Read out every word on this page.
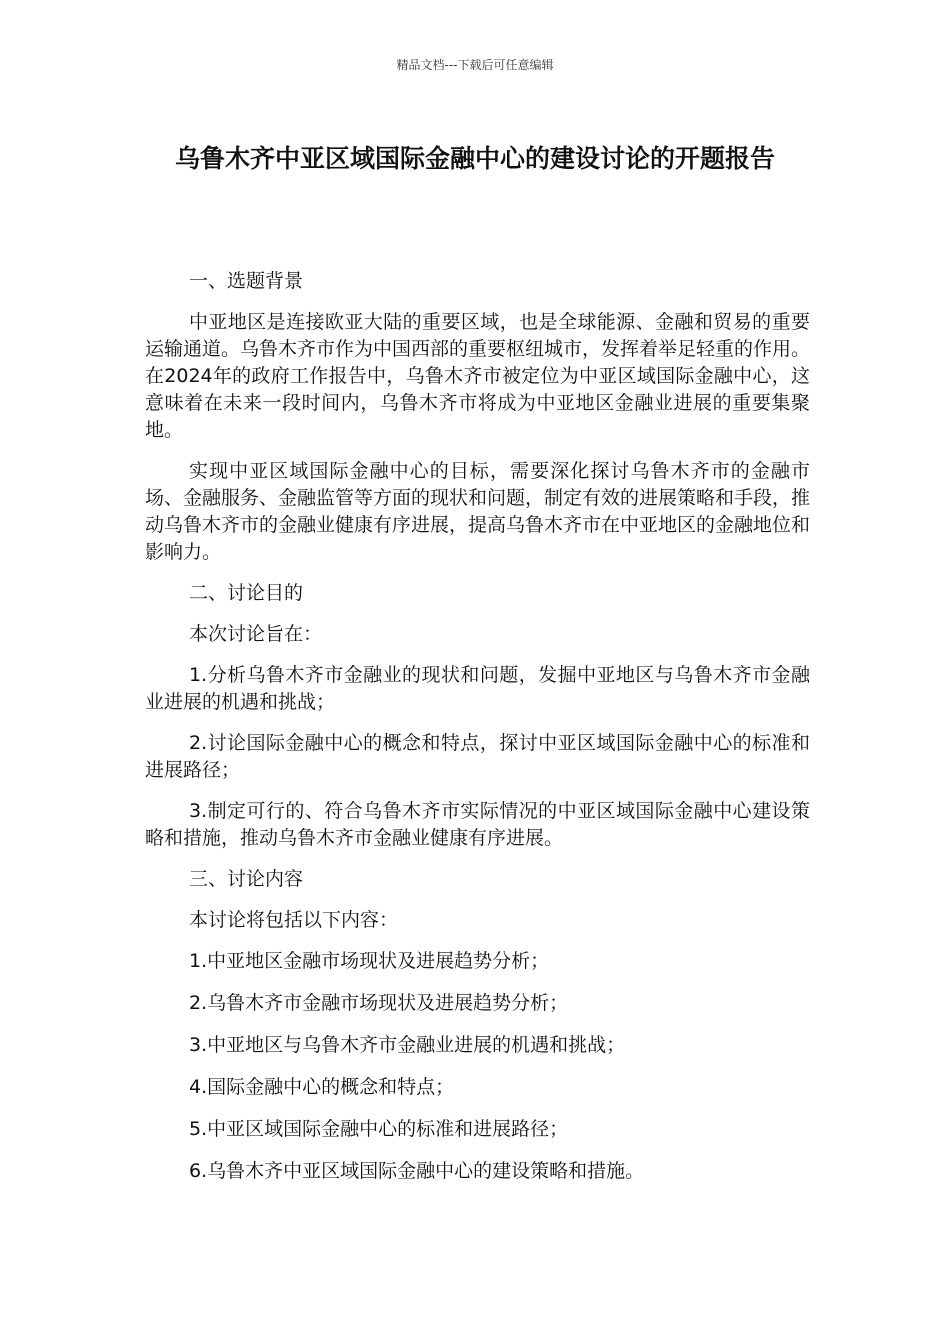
精品文档---下载后可任意编辑
乌鲁木齐中亚区域国际金融中心的建设讨论的开题报告

一、选题背景

中亚地区是连接欧亚大陆的重要区域，也是全球能源、金融和贸易的重要运输通道。乌鲁木齐市作为中国西部的重要枢纽城市，发挥着举足轻重的作用。在2024年的政府工作报告中，乌鲁木齐市被定位为中亚区域国际金融中心，这意味着在未来一段时间内，乌鲁木齐市将成为中亚地区金融业进展的重要集聚地。

实现中亚区域国际金融中心的目标，需要深化探讨乌鲁木齐市的金融市场、金融服务、金融监管等方面的现状和问题，制定有效的进展策略和手段，推动乌鲁木齐市的金融业健康有序进展，提高乌鲁木齐市在中亚地区的金融地位和影响力。

二、讨论目的

本次讨论旨在：

1.分析乌鲁木齐市金融业的现状和问题，发掘中亚地区与乌鲁木齐市金融业进展的机遇和挑战；

2.讨论国际金融中心的概念和特点，探讨中亚区域国际金融中心的标准和进展路径；

3.制定可行的、符合乌鲁木齐市实际情况的中亚区域国际金融中心建设策略和措施，推动乌鲁木齐市金融业健康有序进展。

三、讨论内容

本讨论将包括以下内容：

1.中亚地区金融市场现状及进展趋势分析；

2.乌鲁木齐市金融市场现状及进展趋势分析；

3.中亚地区与乌鲁木齐市金融业进展的机遇和挑战；

4.国际金融中心的概念和特点；

5.中亚区域国际金融中心的标准和进展路径；

6.乌鲁木齐中亚区域国际金融中心的建设策略和措施。
